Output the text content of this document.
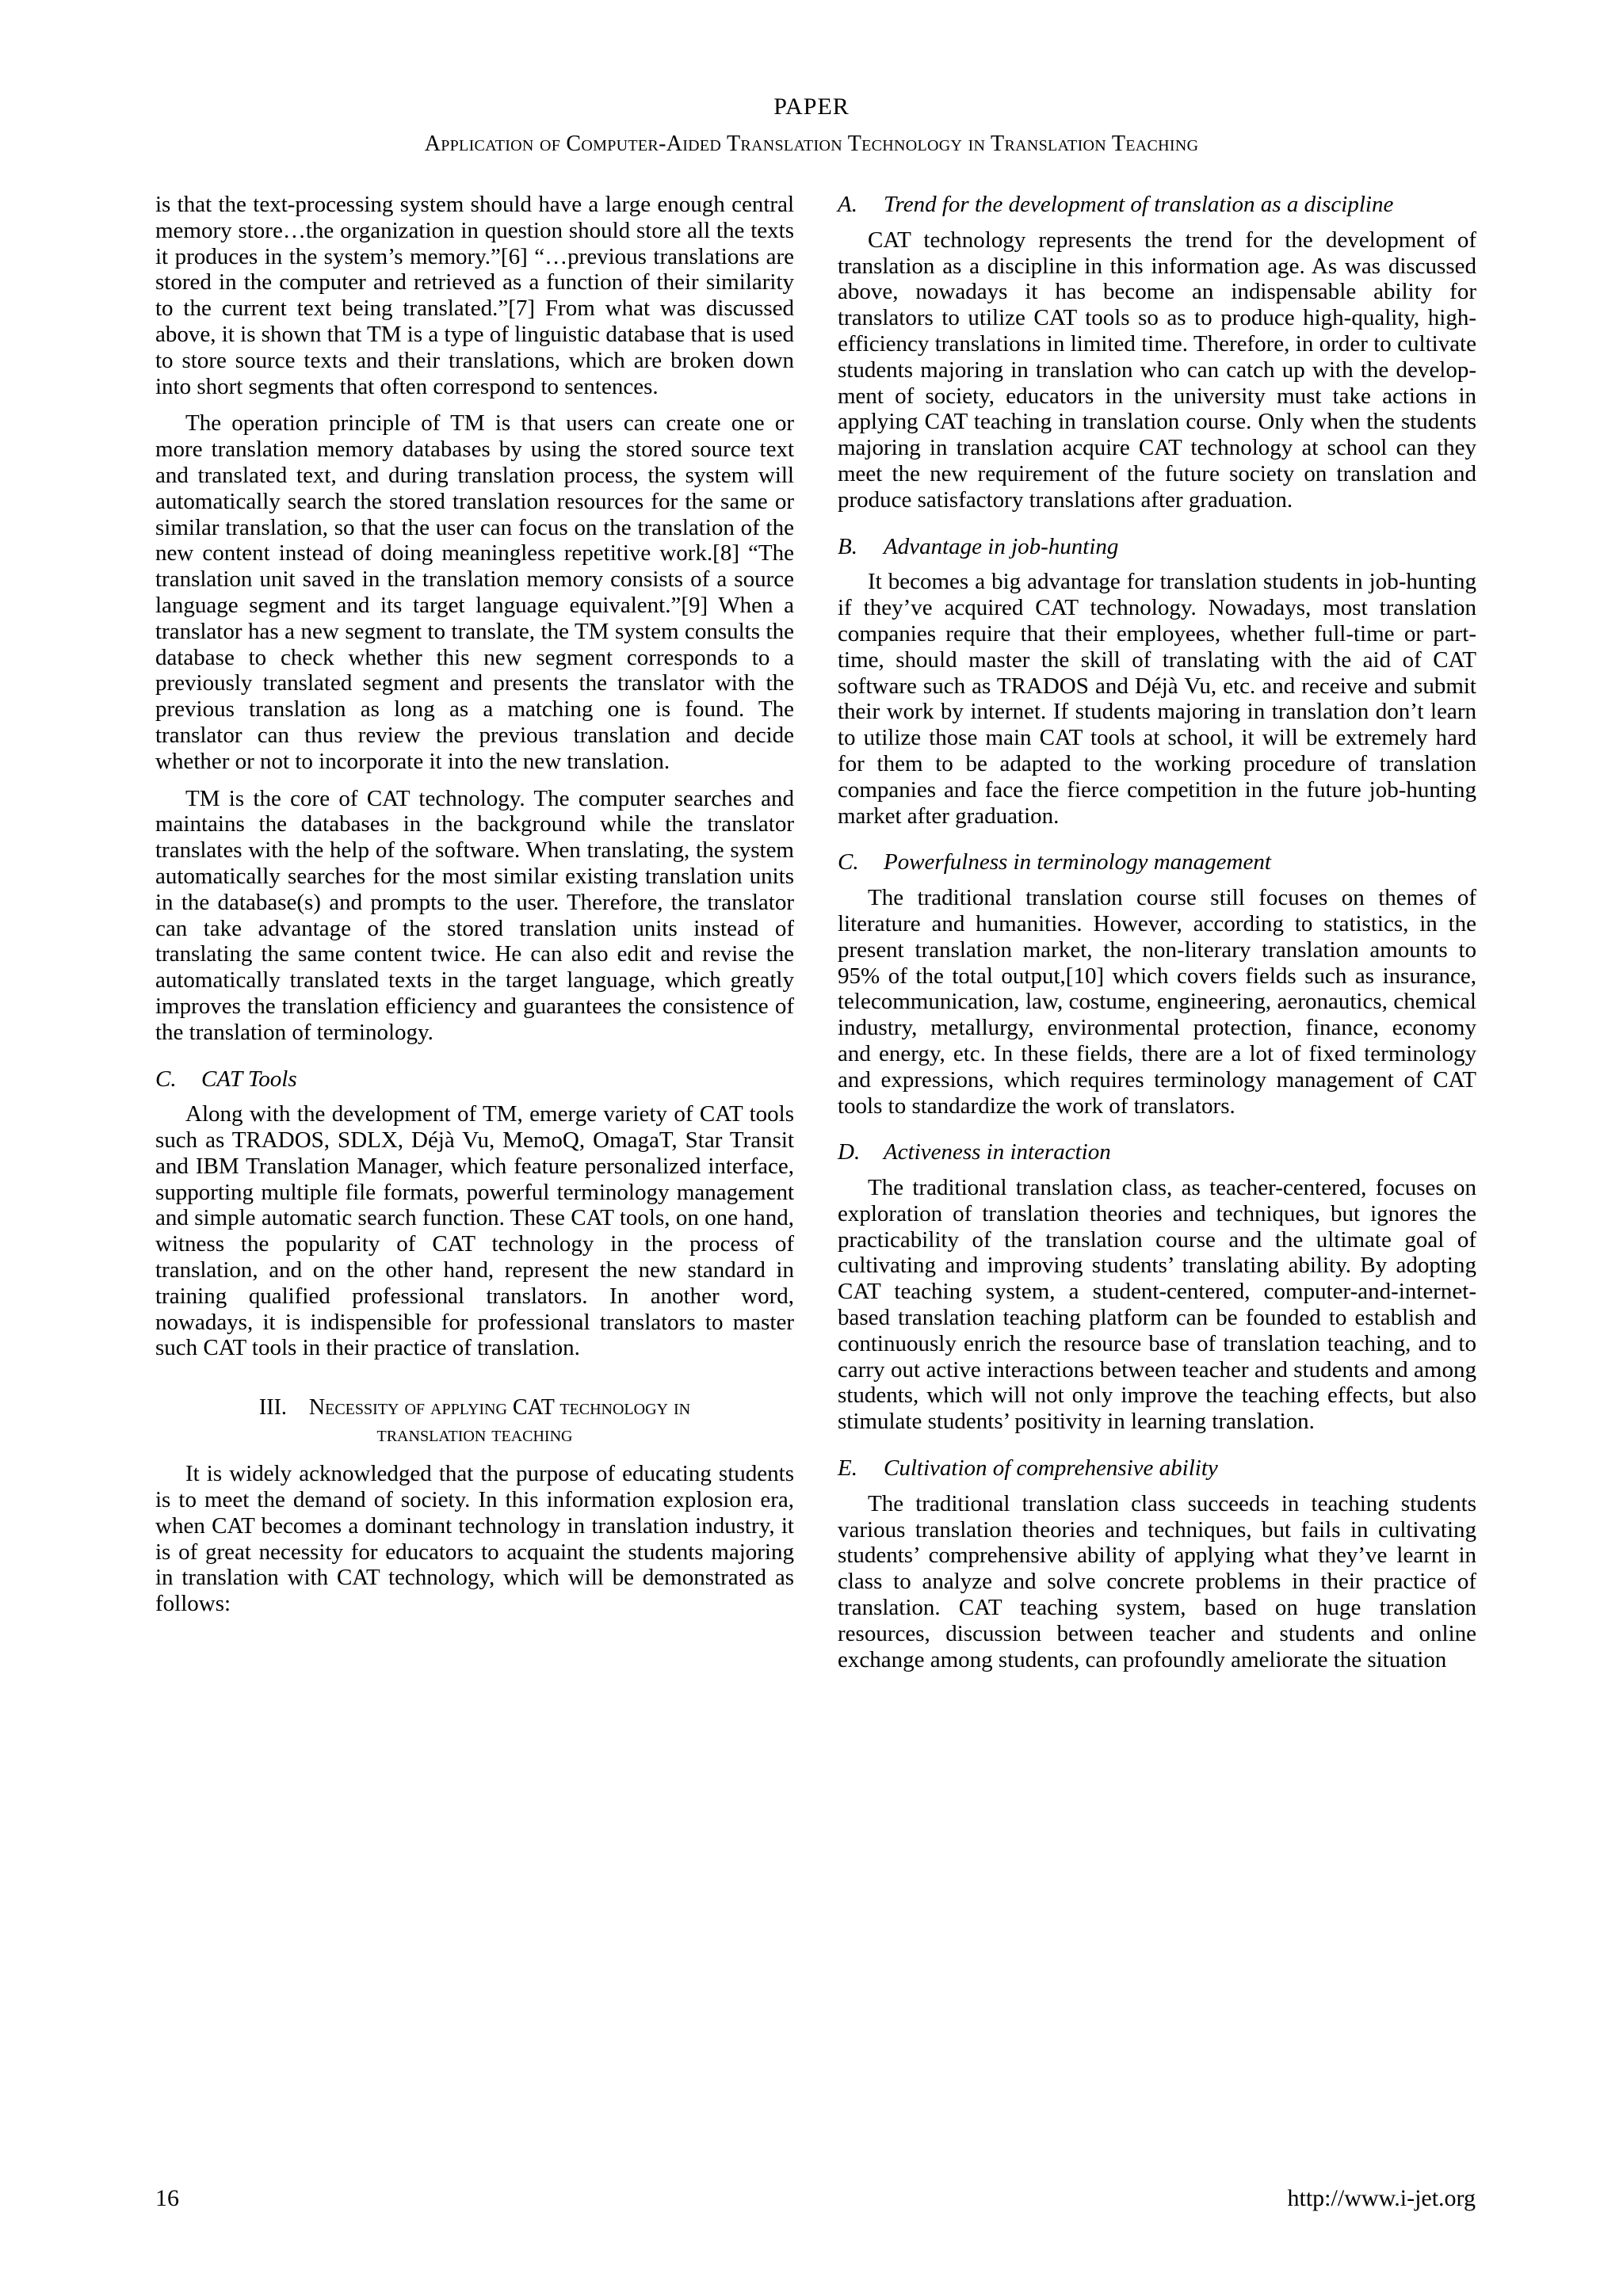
PAPER
Application of Computer-Aided Translation Technology in Translation Teaching

is that the text-processing system should have a large enough central memory store…the organization in question should store all the texts it produces in the system’s memory.”[6] “…previous translations are stored in the computer and retrieved as a function of their similarity to the current text being translated.”[7] From what was discussed above, it is shown that TM is a type of linguistic database that is used to store source texts and their translations, which are broken down into short segments that often correspond to sentences.

The operation principle of TM is that users can create one or more translation memory databases by using the stored source text and translated text, and during translation process, the system will automatically search the stored translation resources for the same or similar translation, so that the user can focus on the translation of the new content instead of doing meaningless repetitive work.[8] “The translation unit saved in the translation memory consists of a source language segment and its target language equivalent.”[9] When a translator has a new segment to translate, the TM system consults the database to check whether this new segment corresponds to a previously translated segment and presents the translator with the previous translation as long as a matching one is found. The translator can thus review the previous translation and decide whether or not to incorporate it into the new translation.

TM is the core of CAT technology. The computer searches and maintains the databases in the background while the translator translates with the help of the software. When translating, the system automatically searches for the most similar existing translation units in the database(s) and prompts to the user. Therefore, the translator can take advantage of the stored translation units instead of translating the same content twice. He can also edit and revise the automatically translated texts in the target language, which greatly improves the translation efficiency and guarantees the consistence of the translation of terminology.

C. CAT Tools

Along with the development of TM, emerge variety of CAT tools such as TRADOS, SDLX, Déjà Vu, MemoQ, OmagaT, Star Transit and IBM Translation Manager, which feature personalized interface, supporting multiple file formats, powerful terminology management and simple automatic search function. These CAT tools, on one hand, witness the popularity of CAT technology in the process of translation, and on the other hand, represent the new standard in training qualified professional translators. In another word, nowadays, it is indispensible for professional translators to master such CAT tools in their practice of translation.

III. Necessity of applying CAT technology in
translation teaching

It is widely acknowledged that the purpose of educating students is to meet the demand of society. In this information explosion era, when CAT becomes a dominant technology in translation industry, it is of great necessity for educators to acquaint the students majoring in translation with CAT technology, which will be demonstrated as follows:

A. Trend for the development of translation as a discipline

CAT technology represents the trend for the development of translation as a discipline in this information age. As was discussed above, nowadays it has become an indispensable ability for translators to utilize CAT tools so as to produce high-quality, high-efficiency translations in limited time. Therefore, in order to cultivate students majoring in translation who can catch up with the development of society, educators in the university must take actions in applying CAT teaching in translation course. Only when the students majoring in translation acquire CAT technology at school can they meet the new requirement of the future society on translation and produce satisfactory translations after graduation.

B. Advantage in job-hunting

It becomes a big advantage for translation students in job-hunting if they’ve acquired CAT technology. Nowadays, most translation companies require that their employees, whether full-time or part-time, should master the skill of translating with the aid of CAT software such as TRADOS and Déjà Vu, etc. and receive and submit their work by internet. If students majoring in translation don’t learn to utilize those main CAT tools at school, it will be extremely hard for them to be adapted to the working procedure of translation companies and face the fierce competition in the future job-hunting market after graduation.

C. Powerfulness in terminology management

The traditional translation course still focuses on themes of literature and humanities. However, according to statistics, in the present translation market, the non-literary translation amounts to 95% of the total output,[10] which covers fields such as insurance, telecommunication, law, costume, engineering, aeronautics, chemical industry, metallurgy, environmental protection, finance, economy and energy, etc. In these fields, there are a lot of fixed terminology and expressions, which requires terminology management of CAT tools to standardize the work of translators.

D. Activeness in interaction

The traditional translation class, as teacher-centered, focuses on exploration of translation theories and techniques, but ignores the practicability of the translation course and the ultimate goal of cultivating and improving students’ translating ability. By adopting CAT teaching system, a student-centered, computer-and-internet-based translation teaching platform can be founded to establish and continuously enrich the resource base of translation teaching, and to carry out active interactions between teacher and students and among students, which will not only improve the teaching effects, but also stimulate students’ positivity in learning translation.

E. Cultivation of comprehensive ability

The traditional translation class succeeds in teaching students various translation theories and techniques, but fails in cultivating students’ comprehensive ability of applying what they’ve learnt in class to analyze and solve concrete problems in their practice of translation. CAT teaching system, based on huge translation resources, discussion between teacher and students and online exchange among students, can profoundly ameliorate the situation

16	http://www.i-jet.org
